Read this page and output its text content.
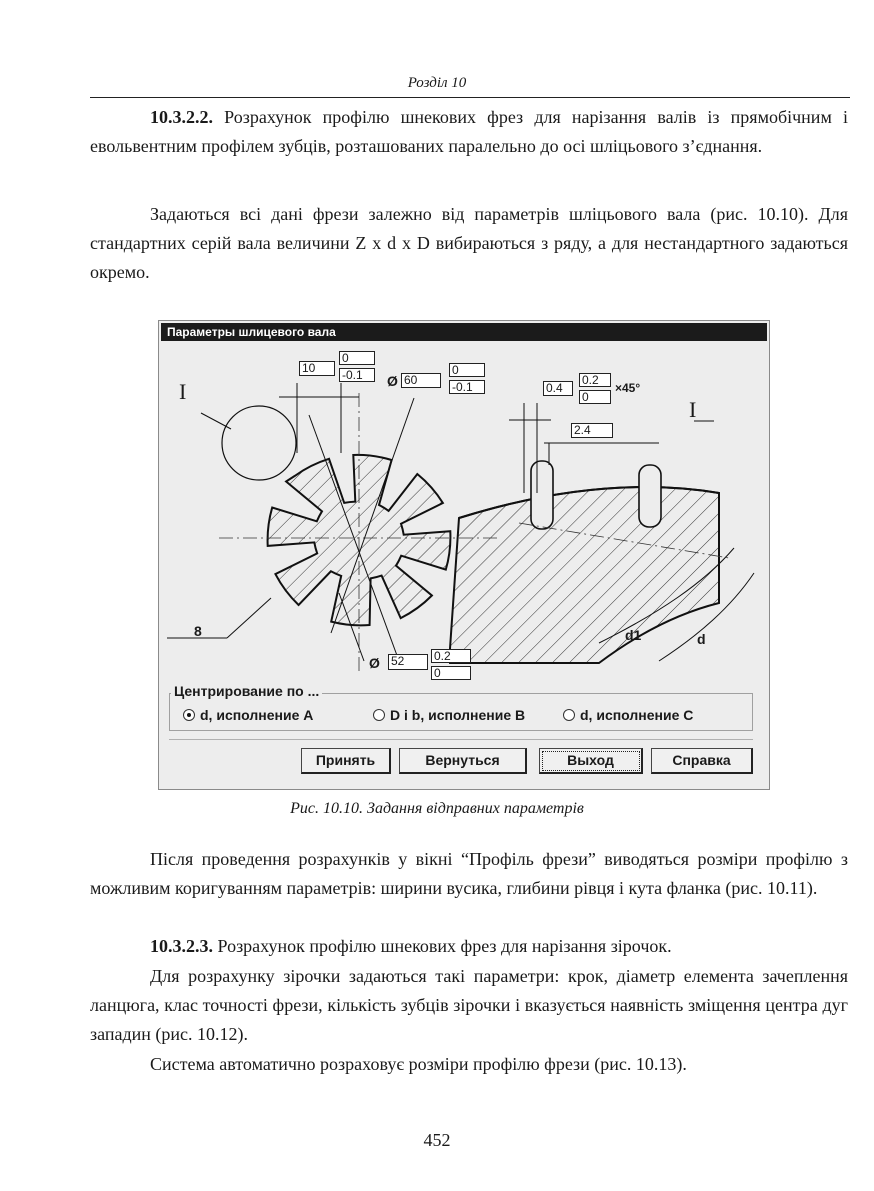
Розділ 10

10.3.2.2. Розрахунок профілю шнекових фрез для нарізання валів із прямобічним і евольвентним профілем зубців, розташованих паралельно до осі шліцьового з’єднання.

Задаються всі дані фрези залежно від параметрів шліцьового вала (рис. 10.10). Для стандартних серій вала величини Z x d x D вибираються з ряду, а для нестандартного задаються окремо.

Параметры шлицевого вала
I
I
8
10
0
-0.1	Ø 60
0
-0.1	0.4
0.2
0
×45°
2.4
Ø 52	0.2
0
d1	d
Центрирование по ...
d, исполнение A	D i b, исполнение B	d, исполнение C
Принять	Вернуться	Выход	Справка
Рис. 10.10. Задання відправних параметрів

Після проведення розрахунків у вікні “Профіль фрези” виводяться розміри профілю з можливим коригуванням параметрів: ширини вусика, глибини рівця і кута фланка (рис. 10.11).

10.3.2.3. Розрахунок профілю шнекових фрез для нарізання зірочок.

Для розрахунку зірочки задаються такі параметри: крок, діаметр елемента зачеплення ланцюга, клас точності фрези, кількість зубців зірочки і вказується наявність зміщення центра дуг западин (рис. 10.12).

Система автоматично розраховує розміри профілю фрези (рис. 10.13).

452
